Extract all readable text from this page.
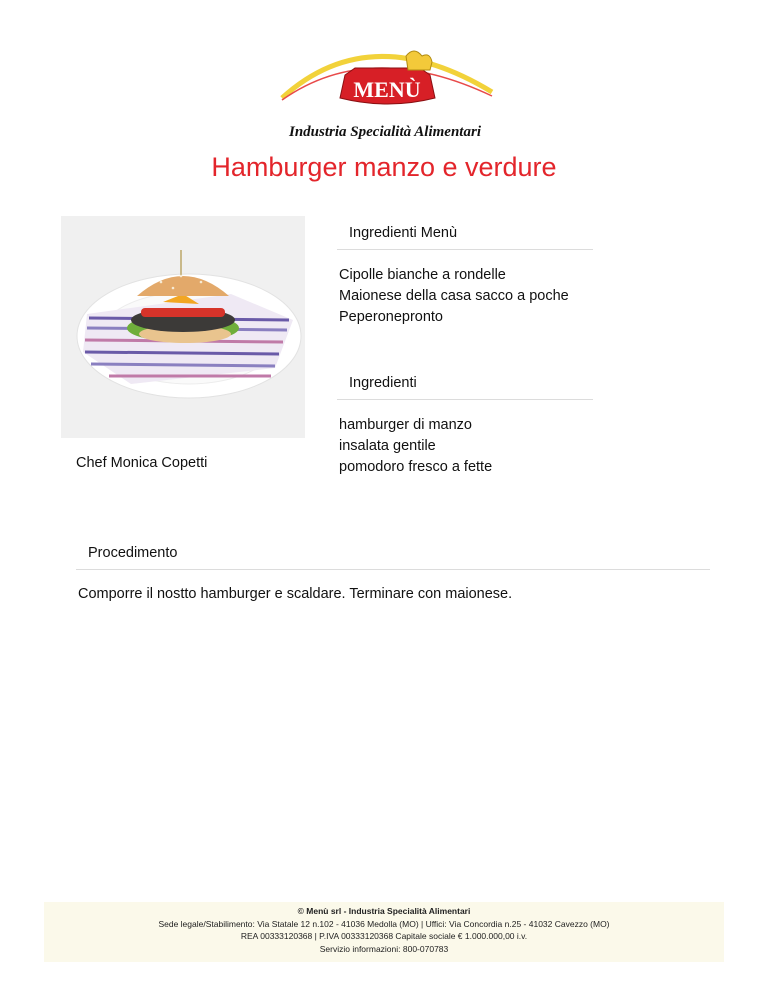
MENÙ
Industria Specialità Alimentari
Hamburger manzo e verdure
Chef Monica Copetti
Ingredienti Menù
Cipolle bianche a rondelle
Maionese della casa sacco a poche
Peperonepronto
Ingredienti
hamburger di manzo
insalata gentile
pomodoro fresco a fette
Procedimento
Comporre il nostto hamburger e scaldare. Terminare con maionese.
© Menù srl - Industria Specialità Alimentari
Sede legale/Stabilimento: Via Statale 12 n.102 - 41036 Medolla (MO) | Uffici: Via Concordia n.25 - 41032 Cavezzo (MO)
REA 00333120368 | P.IVA 00333120368 Capitale sociale € 1.000.000,00 i.v.
Servizio informazioni: 800-070783
